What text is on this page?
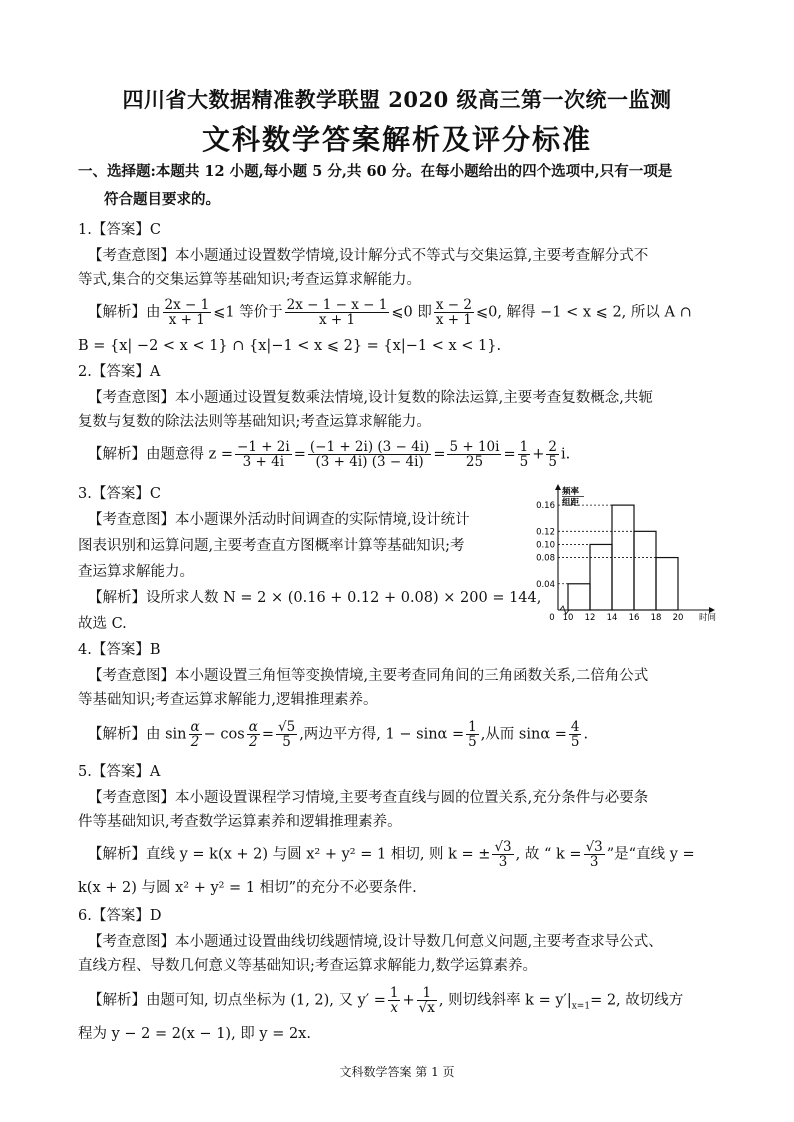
四川省大数据精准教学联盟 2020 级高三第一次统一监测
文科数学答案解析及评分标准
一、选择题:本题共 12 小题,每小题 5 分,共 60 分。在每小题给出的四个选项中,只有一项是
符合题目要求的。
1.【答案】C
【考查意图】本小题通过设置数学情境,设计解分式不等式与交集运算,主要考查解分式不
等式,集合的交集运算等基础知识;考查运算求解能力。
【解析】由 $\frac{2x - 1}{x + 1}$ ⩽1 等价于 $\frac{2x - 1 - x - 1}{x + 1}$ ⩽0 即 $\frac{x - 2}{x + 1}$ ⩽0, 解得 −1 < x ⩽ 2, 所以 A ∩
B = {x| −2 < x < 1} ∩ {x|−1 < x ⩽ 2} = {x|−1 < x < 1}.
2.【答案】A
【考查意图】本小题通过设置复数乘法情境,设计复数的除法运算,主要考查复数概念,共轭
复数与复数的除法法则等基础知识;考查运算求解能力。
【解析】由题意得 $z = \frac{-1 + 2i}{3 + 4i} = \frac{(-1 + 2i) (3 - 4i)}{(3 + 4i) (3 - 4i)} = \frac{5 + 10i}{25} = \frac{1}{5} + \frac{2}{5} i$.
3.【答案】C
【考查意图】本小题课外活动时间调查的实际情境,设计统计
图表识别和运算问题,主要考查直方图概率计算等基础知识;考
查运算求解能力。
【解析】设所求人数 N = 2 × (0.16 + 0.12 + 0.08) × 200 = 144,
故选 C.
0.04
0.08
0.10
0.12
0.16
10 12 14 16 18 20
0	时间
频率
组距
4.【答案】B
【考查意图】本小题设置三角恒等变换情境,主要考查同角间的三角函数关系,二倍角公式
等基础知识;考查运算求解能力,逻辑推理素养。
【解析】由 $\sin \frac{\alpha}{2} - \cos \frac{\alpha}{2} = \frac{√5}{5}$ ,两边平方得, $1 - \sin\alpha = \frac{1}{5}$ ,从而 $\sin\alpha = \frac{4}{5}$ .
5.【答案】A
【考查意图】本小题设置课程学习情境,主要考查直线与圆的位置关系,充分条件与必要条
件等基础知识,考查数学运算素养和逻辑推理素养。
【解析】直线 y = k(x + 2) 与圆 x² + y² = 1 相切, 则 k = ± $\frac{√3}{3}$ , 故 “ $k = \frac{√3}{3}$ ”是“直线 y =
k(x + 2) 与圆 x² + y² = 1 相切”的充分不必要条件.
6.【答案】D
【考查意图】本小题通过设置曲线切线题情境,设计导数几何意义问题,主要考查求导公式、
直线方程、导数几何意义等基础知识;考查运算求解能力,数学运算素养。
【解析】由题可知, 切点坐标为 (1, 2), 又 $y' = \frac{1}{x} + \frac{1}{√x}$ , 则切线斜率 $k = y'|_{x=1}= 2$, 故切线方
程为 y − 2 = 2(x − 1), 即 y = 2x.
文科数学答案 第 1 页
